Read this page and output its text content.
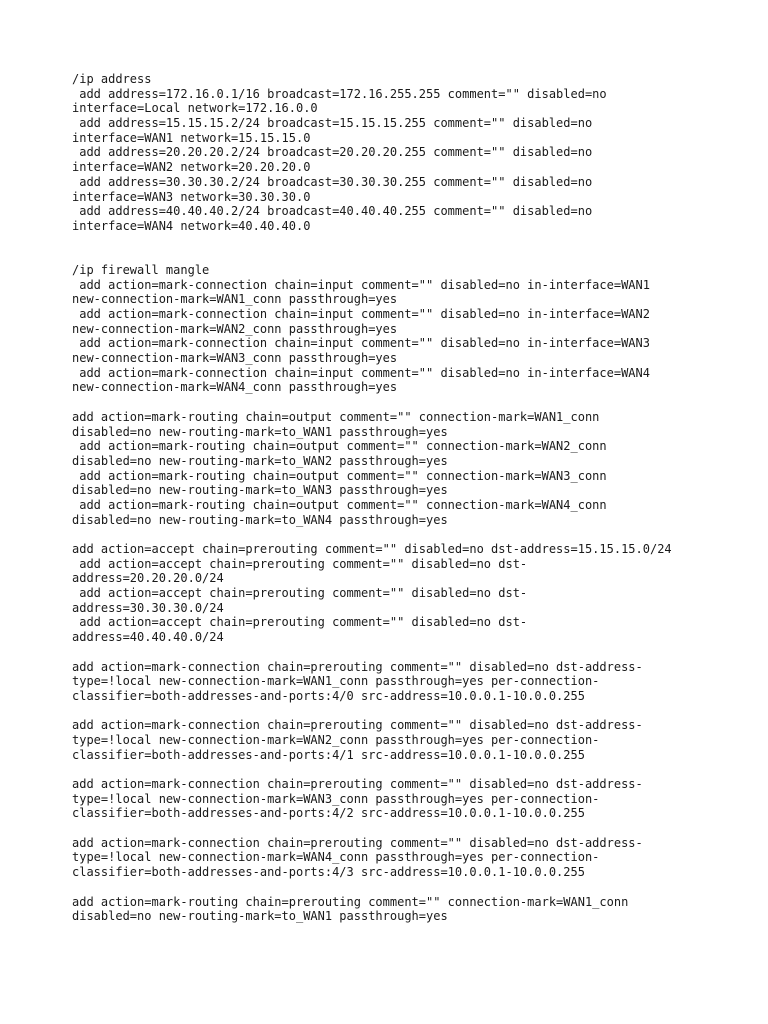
/ip address
add address=172.16.0.1/16 broadcast=172.16.255.255 comment="" disabled=no
interface=Local network=172.16.0.0
add address=15.15.15.2/24 broadcast=15.15.15.255 comment="" disabled=no
interface=WAN1 network=15.15.15.0
add address=20.20.20.2/24 broadcast=20.20.20.255 comment="" disabled=no
interface=WAN2 network=20.20.20.0
add address=30.30.30.2/24 broadcast=30.30.30.255 comment="" disabled=no
interface=WAN3 network=30.30.30.0
add address=40.40.40.2/24 broadcast=40.40.40.255 comment="" disabled=no
interface=WAN4 network=40.40.40.0
/ip firewall mangle
add action=mark-connection chain=input comment="" disabled=no in-interface=WAN1
new-connection-mark=WAN1_conn passthrough=yes
add action=mark-connection chain=input comment="" disabled=no in-interface=WAN2
new-connection-mark=WAN2_conn passthrough=yes
add action=mark-connection chain=input comment="" disabled=no in-interface=WAN3
new-connection-mark=WAN3_conn passthrough=yes
add action=mark-connection chain=input comment="" disabled=no in-interface=WAN4
new-connection-mark=WAN4_conn passthrough=yes
add action=mark-routing chain=output comment="" connection-mark=WAN1_conn
disabled=no new-routing-mark=to_WAN1 passthrough=yes
add action=mark-routing chain=output comment="" connection-mark=WAN2_conn
disabled=no new-routing-mark=to_WAN2 passthrough=yes
add action=mark-routing chain=output comment="" connection-mark=WAN3_conn
disabled=no new-routing-mark=to_WAN3 passthrough=yes
add action=mark-routing chain=output comment="" connection-mark=WAN4_conn
disabled=no new-routing-mark=to_WAN4 passthrough=yes
add action=accept chain=prerouting comment="" disabled=no dst-address=15.15.15.0/24
add action=accept chain=prerouting comment="" disabled=no dst-
address=20.20.20.0/24
add action=accept chain=prerouting comment="" disabled=no dst-
address=30.30.30.0/24
add action=accept chain=prerouting comment="" disabled=no dst-
address=40.40.40.0/24
add action=mark-connection chain=prerouting comment="" disabled=no dst-address-
type=!local new-connection-mark=WAN1_conn passthrough=yes per-connection-
classifier=both-addresses-and-ports:4/0 src-address=10.0.0.1-10.0.0.255
add action=mark-connection chain=prerouting comment="" disabled=no dst-address-
type=!local new-connection-mark=WAN2_conn passthrough=yes per-connection-
classifier=both-addresses-and-ports:4/1 src-address=10.0.0.1-10.0.0.255
add action=mark-connection chain=prerouting comment="" disabled=no dst-address-
type=!local new-connection-mark=WAN3_conn passthrough=yes per-connection-
classifier=both-addresses-and-ports:4/2 src-address=10.0.0.1-10.0.0.255
add action=mark-connection chain=prerouting comment="" disabled=no dst-address-
type=!local new-connection-mark=WAN4_conn passthrough=yes per-connection-
classifier=both-addresses-and-ports:4/3 src-address=10.0.0.1-10.0.0.255
add action=mark-routing chain=prerouting comment="" connection-mark=WAN1_conn
disabled=no new-routing-mark=to_WAN1 passthrough=yes
